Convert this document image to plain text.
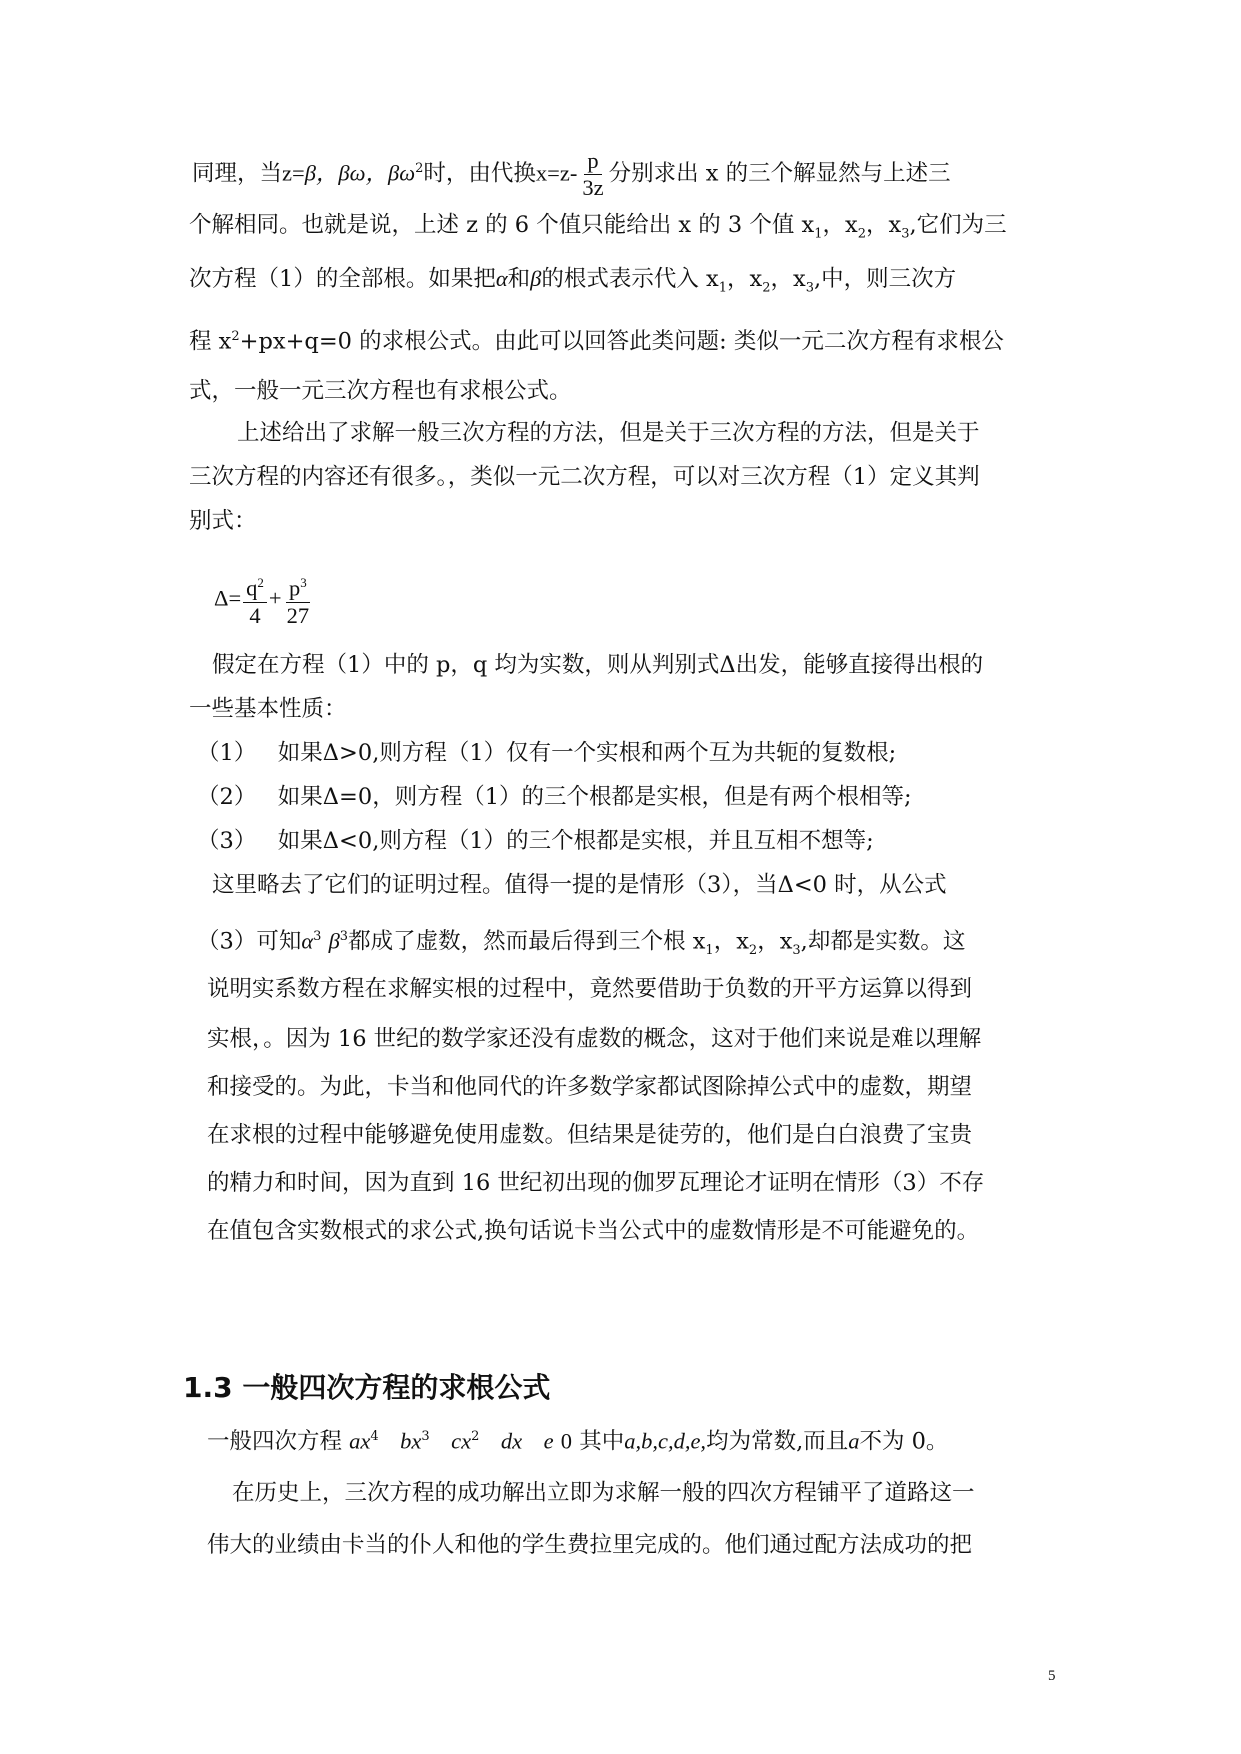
同理，当z=β，βω，$\beta\omega^2$时，由代换$x=z- \frac{p}{3z}$ 分别求出 x 的三个解显然与上述三
个解相同。也就是说，上述 z 的 6 个值只能给出 x 的 3 个值 $x_1$，$x_2$，$x_3$,它们为三
次方程（1）的全部根。如果把α和β的根式表示代入 $x_1$，$x_2$，$x_3$,中，则三次方
程 $x^2+px+q=0$ 的求根公式。由此可以回答此类问题: 类似一元二次方程有求根公
式，一般一元三次方程也有求根公式。
上述给出了求解一般三次方程的方法，但是关于三次方程的方法，但是关于
三次方程的内容还有很多。，类似一元二次方程，可以对三次方程（1）定义其判
别式：
$\Delta= \frac{q^2}{4} + \frac{p^3}{27}$
假定在方程（1）中的 p，q 均为实数，则从判别式Δ出发，能够直接得出根的
一些基本性质：
（1） 如果Δ>0,则方程（1）仅有一个实根和两个互为共轭的复数根;
（2） 如果Δ=0，则方程（1）的三个根都是实根，但是有两个根相等;
（3） 如果Δ<0,则方程（1）的三个根都是实根，并且互相不想等;
这里略去了它们的证明过程。值得一提的是情形（3），当Δ<0 时，从公式
（3）可知$\alpha^3$ $\beta^3$都成了虚数，然而最后得到三个根 $x_1$，$x_2$，$x_3$,却都是实数。这
说明实系数方程在求解实根的过程中，竟然要借助于负数的开平方运算以得到
实根，。因为 16 世纪的数学家还没有虚数的概念，这对于他们来说是难以理解
和接受的。为此，卡当和他同代的许多数学家都试图除掉公式中的虚数，期望
在求根的过程中能够避免使用虚数。但结果是徒劳的，他们是白白浪费了宝贵
的精力和时间，因为直到 16 世纪初出现的伽罗瓦理论才证明在情形（3）不存
在值包含实数根式的求公式,换句话说卡当公式中的虚数情形是不可能避免的。
1.3 一般四次方程的求根公式
一般四次方程 $ax^4$ $bx^3$ $cx^2$ dx e 0 其中a,b,c,d,e,均为常数,而且a不为 0。
在历史上，三次方程的成功解出立即为求解一般的四次方程铺平了道路这一
伟大的业绩由卡当的仆人和他的学生费拉里完成的。他们通过配方法成功的把
5
